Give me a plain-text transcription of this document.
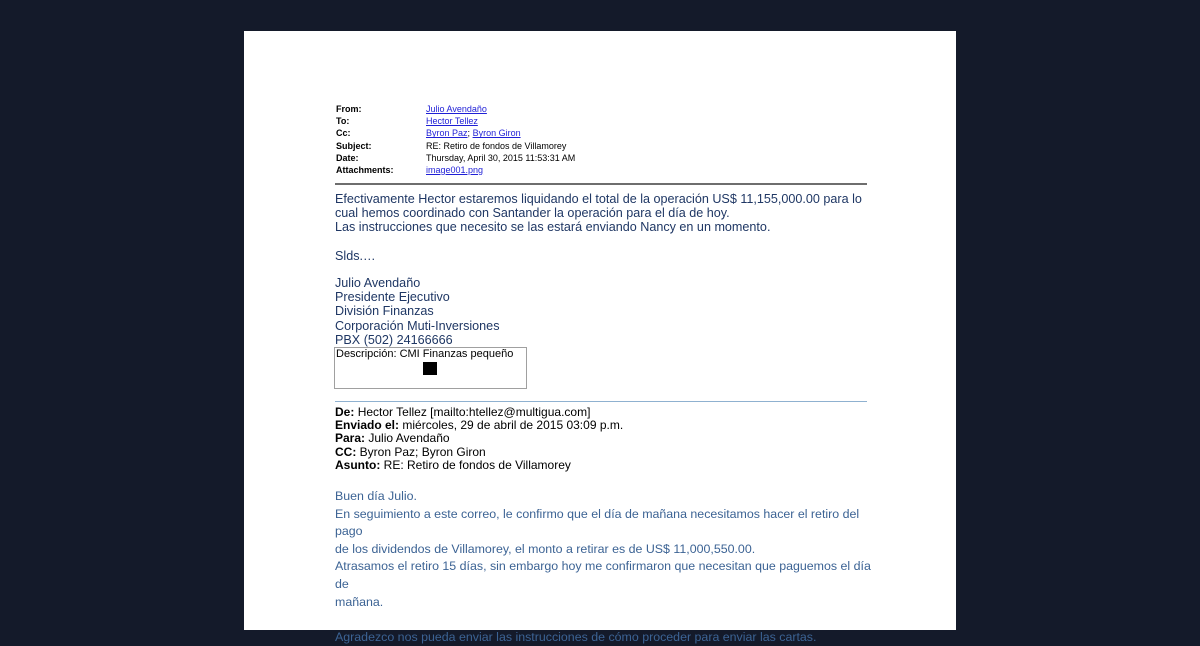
From:	Julio Avendaño
To:	Hector Tellez
Cc:	Byron Paz; Byron Giron
Subject:	RE: Retiro de fondos de Villamorey
Date:	Thursday, April 30, 2015 11:53:31 AM
Attachments:	image001.png

Efectivamente Hector estaremos liquidando el total de la operación US$ 11,155,000.00 para lo

cual hemos coordinado con Santander la operación para el día de hoy.

Las instrucciones que necesito se las estará enviando Nancy en un momento.

Slds.…

Julio Avendaño

Presidente Ejecutivo

División Finanzas

Corporación Muti-Inversiones

PBX (502) 24166666

Descripción: CMI Finanzas pequeño
De: Hector Tellez [mailto:htellez@multigua.com]
Enviado el: miércoles, 29 de abril de 2015 03:09 p.m.
Para: Julio Avendaño
CC: Byron Paz; Byron Giron
Asunto: RE: Retiro de fondos de Villamorey

Buen día Julio.

En seguimiento a este correo, le confirmo que el día de mañana necesitamos hacer el retiro del pago

de los dividendos de Villamorey, el monto a retirar es de US$ 11,000,550.00.

Atrasamos el retiro 15 días, sin embargo hoy me confirmaron que necesitan que paguemos el día de

mañana.

Agradezco nos pueda enviar las instrucciones de cómo proceder para enviar las cartas.
